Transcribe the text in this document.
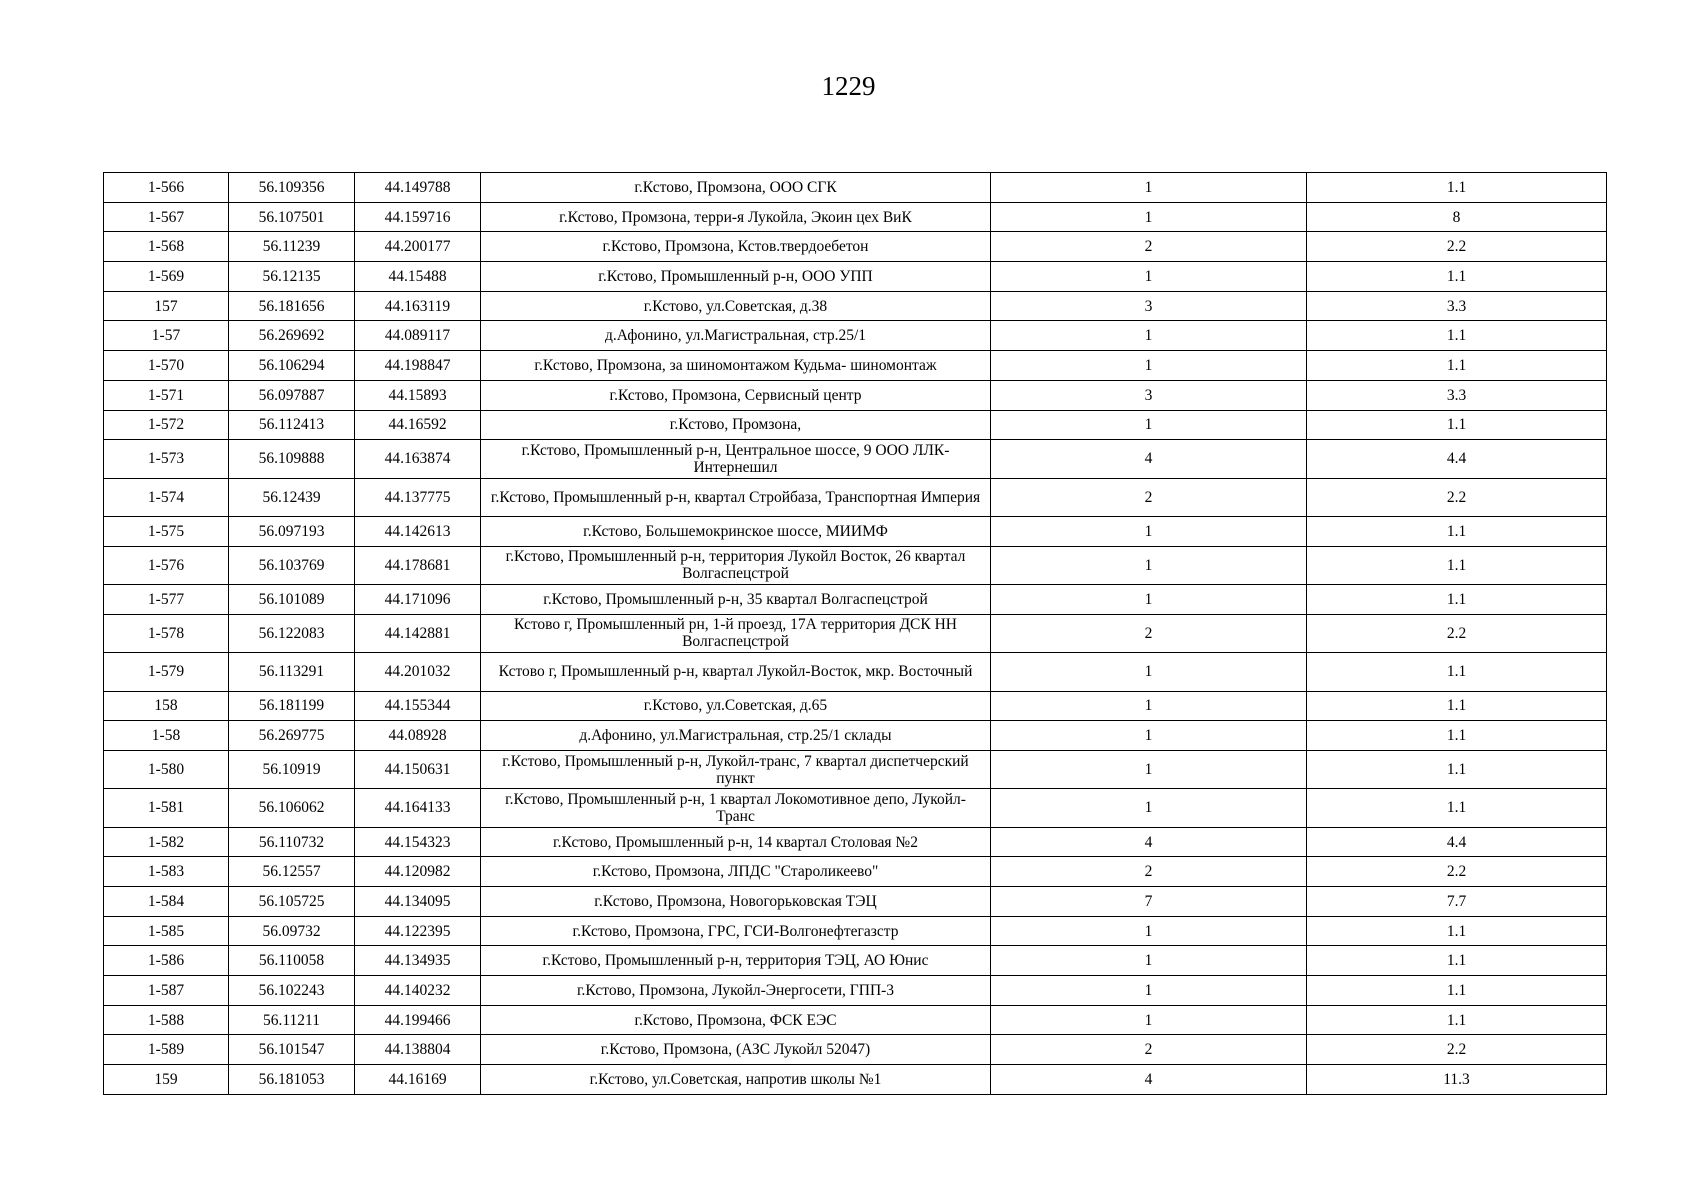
1229
1-566	56.109356	44.149788	г.Кстово, Промзона, ООО СГК	1	1.1
1-567	56.107501	44.159716	г.Кстово, Промзона, терри-я Лукойла, Экоин цех ВиК	1	8
1-568	56.11239	44.200177	г.Кстово, Промзона, Кстов.твердоебетон	2	2.2
1-569	56.12135	44.15488	г.Кстово, Промышленный р-н, ООО УПП	1	1.1
157	56.181656	44.163119	г.Кстово, ул.Советская, д.38	3	3.3
1-57	56.269692	44.089117	д.Афонино, ул.Магистральная, стр.25/1	1	1.1
1-570	56.106294	44.198847	г.Кстово, Промзона, за шиномонтажом Кудьма- шиномонтаж	1	1.1
1-571	56.097887	44.15893	г.Кстово, Промзона, Сервисный центр	3	3.3
1-572	56.112413	44.16592	г.Кстово, Промзона,	1	1.1
1-573	56.109888	44.163874	г.Кстово, Промышленный р-н, Центральное шоссе, 9 ООО ЛЛК-Интернешил	4	4.4
1-574	56.12439	44.137775	г.Кстово, Промышленный р-н, квартал Стройбаза, Транспортная Империя	2	2.2
1-575	56.097193	44.142613	г.Кстово, Большемокринское шоссе, МИИМФ	1	1.1
1-576	56.103769	44.178681	г.Кстово, Промышленный р-н, территория Лукойл Восток, 26 квартал Волгаспецстрой	1	1.1
1-577	56.101089	44.171096	г.Кстово, Промышленный р-н, 35 квартал Волгаспецстрой	1	1.1
1-578	56.122083	44.142881	Кстово г, Промышленный рн, 1-й проезд, 17А территория ДСК НН Волгаспецстрой	2	2.2
1-579	56.113291	44.201032	Кстово г, Промышленный р-н, квартал Лукойл-Восток, мкр. Восточный	1	1.1
158	56.181199	44.155344	г.Кстово, ул.Советская, д.65	1	1.1
1-58	56.269775	44.08928	д.Афонино, ул.Магистральная, стр.25/1 склады	1	1.1
1-580	56.10919	44.150631	г.Кстово, Промышленный р-н, Лукойл-транс, 7 квартал диспетчерский пункт	1	1.1
1-581	56.106062	44.164133	г.Кстово, Промышленный р-н, 1 квартал Локомотивное депо, Лукойл-Транс	1	1.1
1-582	56.110732	44.154323	г.Кстово, Промышленный р-н, 14 квартал Столовая №2	4	4.4
1-583	56.12557	44.120982	г.Кстово, Промзона, ЛПДС "Староликеево"	2	2.2
1-584	56.105725	44.134095	г.Кстово, Промзона, Новогорьковская ТЭЦ	7	7.7
1-585	56.09732	44.122395	г.Кстово, Промзона, ГРС, ГСИ-Волгонефтегазстр	1	1.1
1-586	56.110058	44.134935	г.Кстово, Промышленный р-н, территория ТЭЦ, АО Юнис	1	1.1
1-587	56.102243	44.140232	г.Кстово, Промзона, Лукойл-Энергосети, ГПП-3	1	1.1
1-588	56.11211	44.199466	г.Кстово, Промзона, ФСК ЕЭС	1	1.1
1-589	56.101547	44.138804	г.Кстово, Промзона, (АЗС Лукойл 52047)	2	2.2
159	56.181053	44.16169	г.Кстово, ул.Советская, напротив школы №1	4	11.3
